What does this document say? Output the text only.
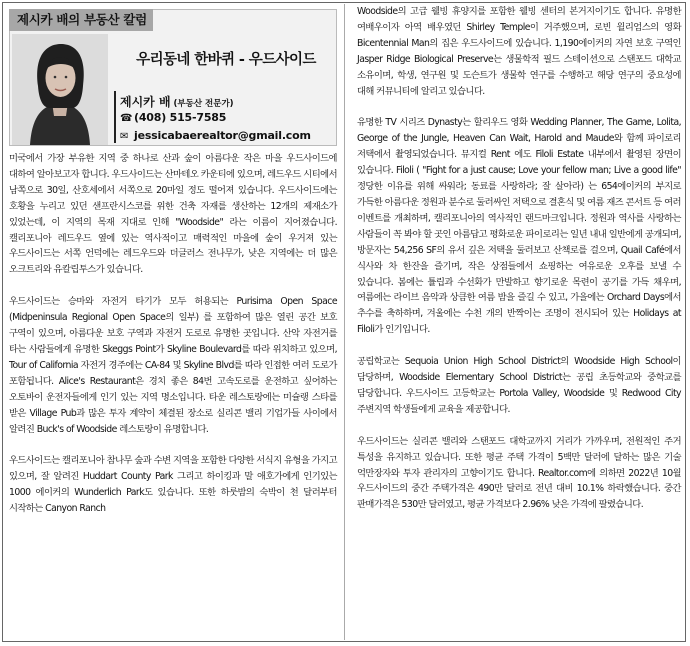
제시카 배의 부동산 칼럼
우리동네 한바퀴 - 우드사이드
제시카 배 (부동산 전문가)
☎ (408) 515-7585
✉ jessicabaerealtor@gmail.com

미국에서 가장 부유한 지역 중 하나로 산과 숲이 아름다운 작은 마을 우드사이드에 대하여 알아보고자 합니다. 우드사이드는 산마테오 카운티에 있으며, 레드우드 시티에서 남쪽으로 30일, 산호세에서 서쪽으로 20마일 정도 떨어져 있습니다. 우드사이드에는 호황을 누리고 있던 샌프란시스코를 위한 건축 자재를 생산하는 12개의 제재소가 있었는데, 이 지역의 목재 지대로 인해 "Woodside" 라는 이름이 지어졌습니다. 캘리포니아 레드우드 옆에 있는 역사적이고 매력적인 마을에 숲이 우거져 있는 우드사이드는 서쪽 언덕에는 레드우드와 더글러스 전나무가, 낮은 지역에는 더 많은 오크트리와 유칼립투스가 있습니다.

우드사이드는 승마와 자전거 타기가 모두 허용되는 Purisima Open Space (Midpeninsula Regional Open Space의 일부) 를 포함하여 많은 열린 공간 보호 구역이 있으며, 아름다운 보호 구역과 자전거 도로로 유명한 곳입니다. 산악 자전거를 타는 사람들에게 유명한 Skeggs Point가 Skyline Boulevard를 따라 위치하고 있으며, Tour of California 자전거 경주에는 CA-84 및 Skyline Blvd를 따라 인접한 여러 도로가 포함됩니다. Alice's Restaurant은 경치 좋은 84번 고속도로를 운전하고 싶어하는 오토바이 운전자들에게 인기 있는 지역 명소입니다. 타운 레스토랑에는 미슐랭 스타를 받은 Village Pub과 많은 투자 계약이 체결된 장소로 실리콘 밸리 기업가들 사이에서 알려진 Buck's of Woodside 레스토랑이 유명합니다.

우드사이드는 캘리포니아 참나무 숲과 수변 지역을 포함한 다양한 서식지 유형을 가지고 있으며, 잘 알려진 Huddart County Park 그리고 하이킹과 말 애호가에게 인기있는 1000 에이커의 Wunderlich Park도 있습니다. 또한 하룻밤의 숙박이 천 달러부터 시작하는 Canyon Ranch

Woodside의 고급 웰빙 휴양지를 포함한 웰빙 센터의 본거지이기도 합니다. 유명한 여배우이자 아역 배우였던 Shirley Temple이 거주했으며, 로빈 윌리엄스의 영화 Bicentennial Man의 집은 우드사이드에 있습니다. 1,190에이커의 자연 보호 구역인 Jasper Ridge Biological Preserve는 생물학적 필드 스테이션으로 스탠포드 대학교 소유이며, 학생, 연구원 및 도슨트가 생물학 연구를 수행하고 해당 연구의 중요성에 대해 커뮤니티에 알리고 있습니다.

유명한 TV 시리즈 Dynasty는 할리우드 영화 Wedding Planner, The Game, Lolita, George of the Jungle, Heaven Can Wait, Harold and Maude와 함께 파이로리 저택에서 촬영되었습니다. 뮤지컬 Rent 에도 Filoli Estate 내부에서 촬영된 장면이 있습니다. Filoli ( "Fight for a just cause; Love your fellow man; Live a good life" 정당한 이유를 위해 싸워라; 동료를 사랑하라; 잘 살아라) 는 654에이커의 부지로 가득한 아름다운 정원과 분수로 둘러싸인 저택으로 결혼식 및 여름 재즈 콘서트 등 여러 이벤트를 개최하며, 캘리포니아의 역사적인 랜드마크입니다. 정원과 역사를 사랑하는 사람들이 꼭 봐야 할 곳인 아름답고 평화로운 파이로리는 일년 내내 일반에게 공개되며, 방문자는 54,256 SF의 유서 깊은 저택을 둘러보고 산책로를 걸으며, Quail Café에서 식사와 차 한잔을 즐기며, 작은 상점들에서 쇼핑하는 여유로운 오후를 보낼 수 있습니다. 봄에는 튤립과 수선화가 만발하고 향기로운 목련이 공기를 가득 채우며, 여름에는 라이브 음악과 상큼한 여름 밤을 즐길 수 있고, 가을에는 Orchard Days에서 추수를 축하하며, 겨울에는 수천 개의 반짝이는 조명이 전시되어 있는 Holidays at Filoli가 인기입니다.

공립학교는 Sequoia Union High School District의 Woodside High School이 담당하며, Woodside Elementary School District는 공립 초등학교와 중학교를 담당합니다. 우드사이드 고등학교는 Portola Valley, Woodside 및 Redwood City 주변지역 학생들에게 교육을 제공합니다.

우드사이드는 실리콘 밸리와 스탠포드 대학교까지 거리가 가까우며, 전원적인 주거 특성을 유지하고 있습니다. 또한 평균 주택 가격이 5백만 달러에 달하는 많은 기술 억만장자와 투자 관리자의 고향이기도 합니다. Realtor.com에 의하면 2022년 10월 우드사이드의 중간 주택가격은 490만 달러로 전년 대비 10.1% 하락했습니다. 중간 판매가격은 530만 달러였고, 평균 가격보다 2.96% 낮은 가격에 팔렸습니다.
